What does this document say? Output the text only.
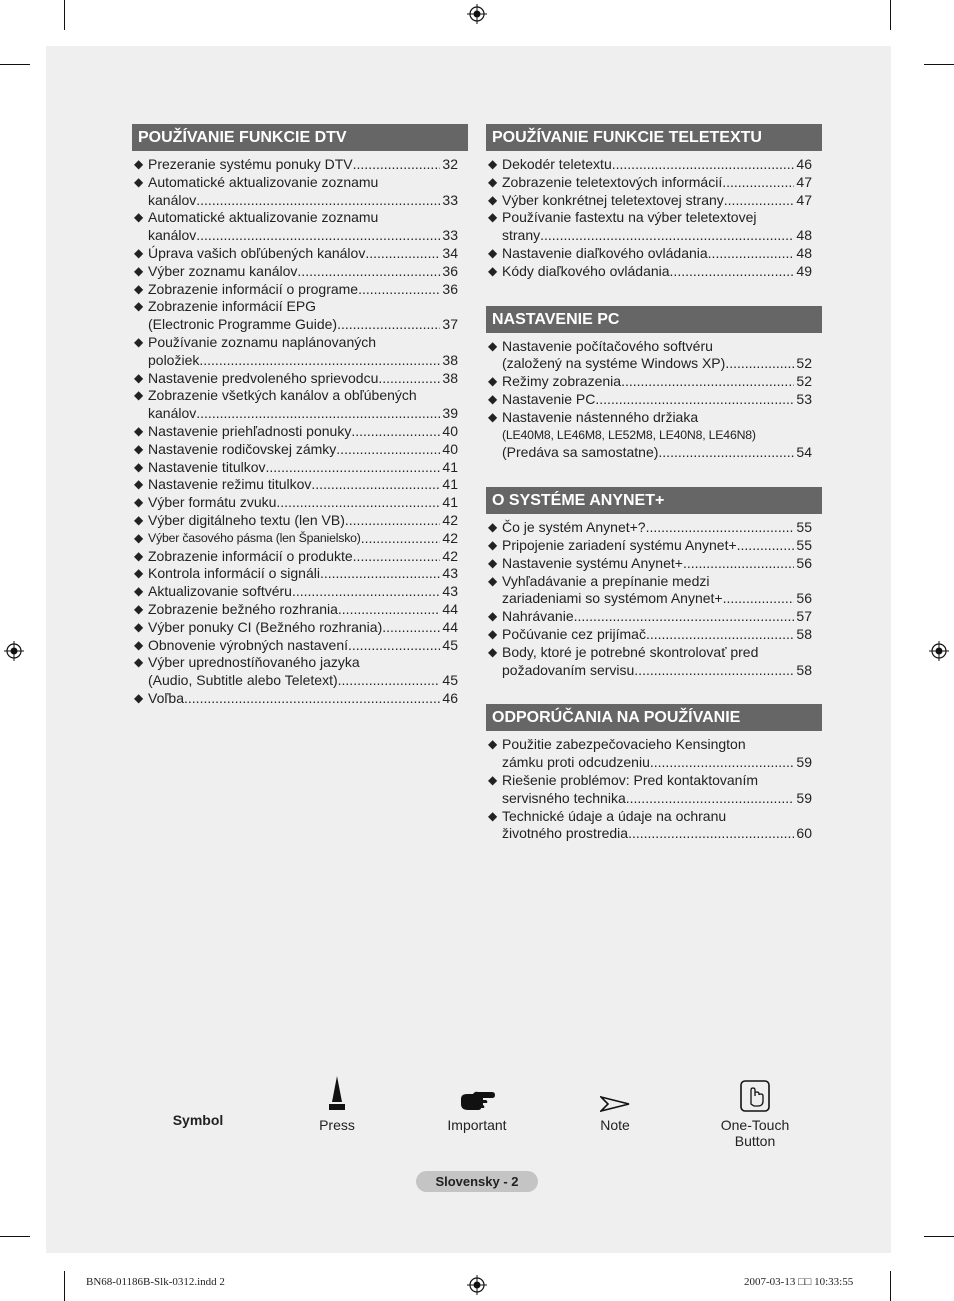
POUŽÍVANIE FUNKCIE DTV
◆ Prezeranie systému ponuky DTV .....	32
◆ Automatické aktualizovanie zoznamu
kanálov .....	33
◆ Automatické aktualizovanie zoznamu
kanálov .....	33
◆ Úprava vašich obľúbených kanálov .....	34
◆ Výber zoznamu kanálov .....	36
◆ Zobrazenie informácií o programe .....	36
◆ Zobrazenie informácií EPG
(Electronic Programme Guide) .....	37
◆ Používanie zoznamu naplánovaných
položiek .....	38
◆ Nastavenie predvoleného sprievodcu .....	38
◆ Zobrazenie všetkých kanálov a obľúbených
kanálov .....	39
◆ Nastavenie priehľadnosti ponuky .....	40
◆ Nastavenie rodičovskej zámky .....	40
◆ Nastavenie titulkov .....	41
◆ Nastavenie režimu titulkov .....	41
◆ Výber formátu zvuku .....	41
◆ Výber digitálneho textu (len VB) .....	42
◆ Výber časového pásma (len Španielsko) .....	42
◆ Zobrazenie informácií o produkte .....	42
◆ Kontrola informácií o signáli .....	43
◆ Aktualizovanie softvéru .....	43
◆ Zobrazenie bežného rozhrania .....	44
◆ Výber ponuky CI (Bežného rozhrania) .....	44
◆ Obnovenie výrobných nastavení .....	45
◆ Výber uprednostíňovaného jazyka
(Audio, Subtitle alebo Teletext) .....	45
◆ Voľba .....	46
POUŽÍVANIE FUNKCIE TELETEXTU
◆ Dekodér teletextu .....	46
◆ Zobrazenie teletextových informácií .....	47
◆ Výber konkrétnej teletextovej strany .....	47
◆ Používanie fastextu na výber teletextovej
strany .....	48
◆ Nastavenie diaľkového ovládania .....	48
◆ Kódy diaľkového ovládania .....	49
NASTAVENIE PC
◆ Nastavenie počítačového softvéru
(založený na systéme Windows XP) .....	52
◆ Režimy zobrazenia .....	52
◆ Nastavenie PC .....	53
◆ Nastavenie nástenného držiaka
(LE40M8, LE46M8, LE52M8, LE40N8, LE46N8)
(Predáva sa samostatne) .....	54
O SYSTÉME ANYNET+
◆ Čo je systém Anynet+? .....	55
◆ Pripojenie zariadení systému Anynet+ .....	55
◆ Nastavenie systému Anynet+ .....	56
◆ Vyhľadávanie a prepínanie medzi
zariadeniami so systémom Anynet+ .....	56
◆ Nahrávanie .....	57
◆ Počúvanie cez prijímač .....	58
◆ Body, ktoré je potrebné skontrolovať pred
požadovaním servisu .....	58
ODPORÚČANIA NA POUŽÍVANIE
◆ Použitie zabezpečovacieho Kensington
zámku proti odcudzeniu .....	59
◆ Riešenie problémov: Pred kontaktovaním
servisného technika .....	59
◆ Technické údaje a údaje na ochranu
životného prostredia .....	60
Symbol	Press	Important	Note	One-Touch
Button
Slovensky - 2
BN68-01186B-Slk-0312.indd 2	2007-03-13 □□ 10:33:55
